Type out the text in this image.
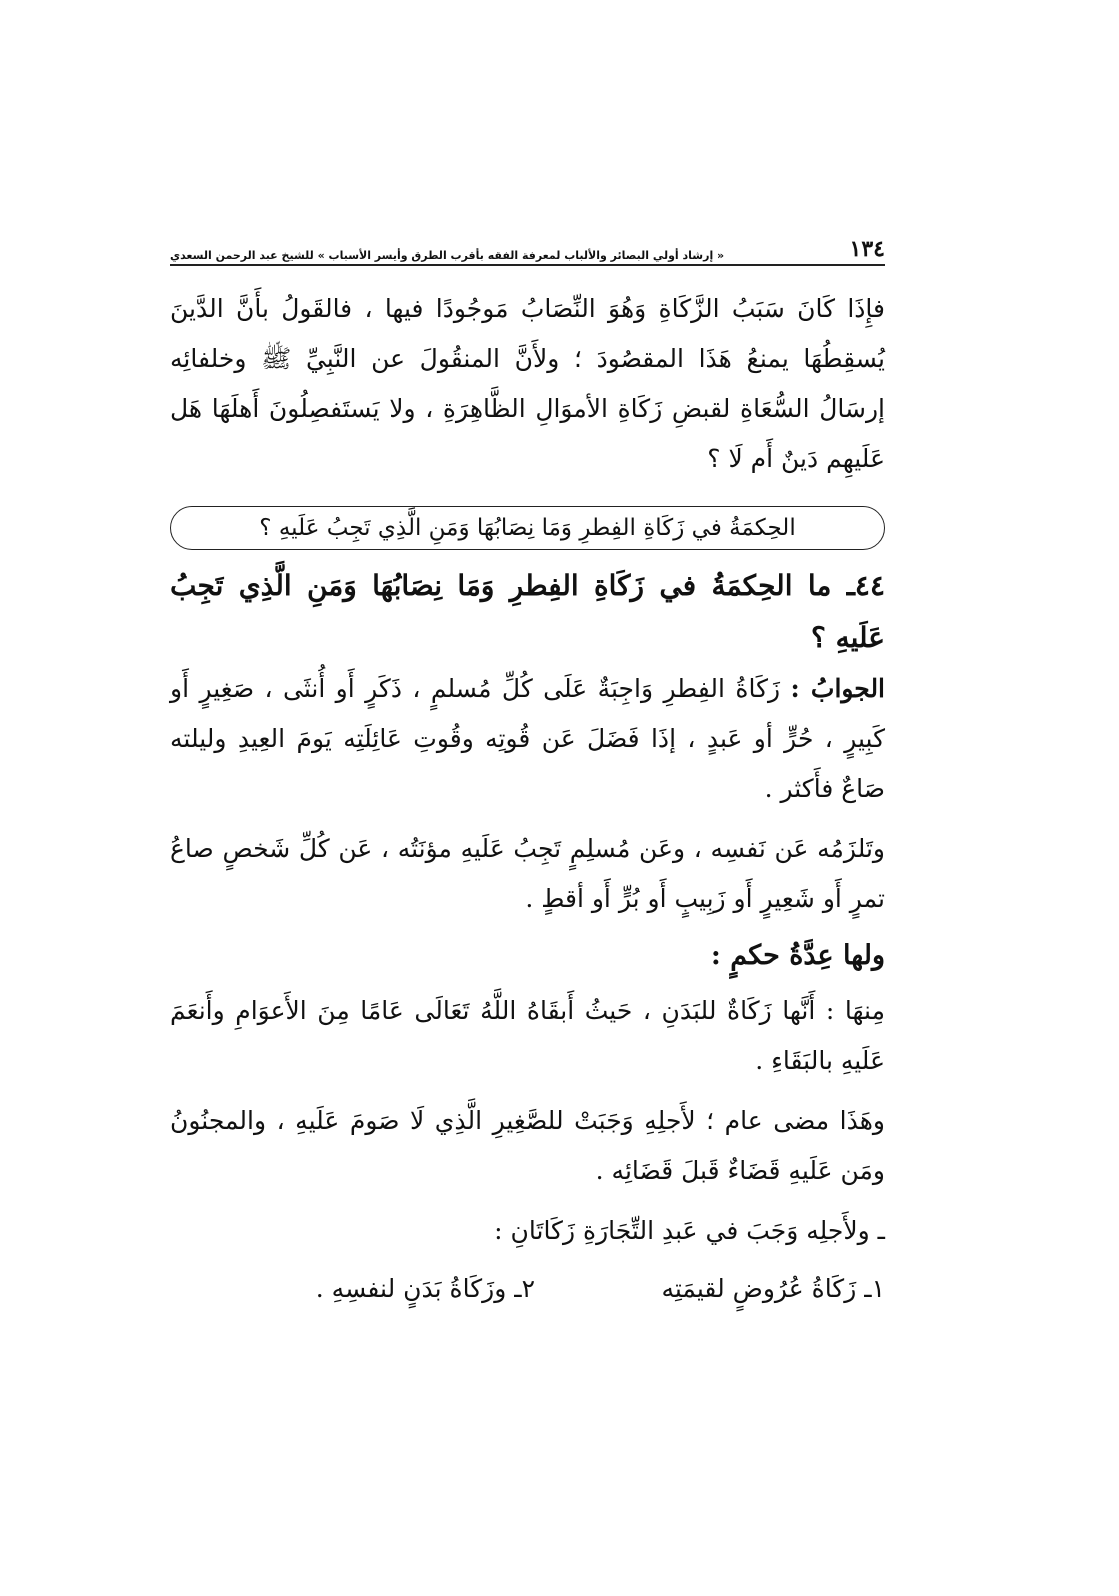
١٣٤
« إرشاد أولي البصائر والألباب لمعرفة الفقه بأقرب الطرق وأيسر الأسباب » للشيخ عبد الرحمن السعدي

فإِذَا كَانَ سَبَبُ الزَّكَاةِ وَهُوَ النِّصَابُ مَوجُودًا فيها ، فالقَولُ بأَنَّ الدَّينَ يُسقِطُهَا يمنعُ هَذَا المقصُودَ ؛ ولأَنَّ المنقُولَ عن النَّبِيِّ ﷺ وخلفائِه إرسَالُ السُّعَاةِ لقبضِ زَكَاةِ الأموَالِ الظَّاهِرَةِ ، ولا يَستَفصِلُونَ أَهلَهَا هَل عَلَيهِم دَينٌ أَم لَا ؟

الحِكمَةُ في زَكَاةِ الفِطرِ وَمَا نِصَابُهَا وَمَنِ الَّذِي تَجِبُ عَلَيهِ ؟

٤٤ـ ما الحِكمَةُ في زَكَاةِ الفِطرِ وَمَا نِصَابُهَا وَمَنِ الَّذِي تَجِبُ عَلَيهِ ؟

الجوابُ : زَكَاةُ الفِطرِ وَاجِبَةٌ عَلَى كُلِّ مُسلمٍ ، ذَكَرٍ أَو أُنثَى ، صَغِيرٍ أَو كَبِيرٍ ، حُرٍّ أو عَبدٍ ، إذَا فَضَلَ عَن قُوتِه وقُوتِ عَائِلَتِه يَومَ العِيدِ وليلته صَاعٌ فأَكثر .

وتَلزَمُه عَن نَفسِه ، وعَن مُسلِمٍ تَجِبُ عَلَيهِ مؤنَتُه ، عَن كُلِّ شَخصٍ صاعُ تمرٍ أَو شَعِيرٍ أَو زَبِيبٍ أَو بُرٍّ أَو أقطٍ .

ولها عِدَّةُ حكمٍ :

مِنهَا : أَنَّها زَكَاةٌ للبَدَنِ ، حَيثُ أَبقَاهُ اللَّهُ تَعَالَى عَامًا مِنَ الأَعوَامِ وأَنعَمَ عَلَيهِ بالبَقَاءِ .

وهَذَا مضى عام ؛ لأَجلِهِ وَجَبَتْ للصَّغِيرِ الَّذِي لَا صَومَ عَلَيهِ ، والمجنُونُ ومَن عَلَيهِ قَضَاءٌ قَبلَ قَضَائِه .

ـ ولأَجلِه وَجَبَ في عَبدِ التِّجَارَةِ زَكَاتَانِ :

١ـ زَكَاةُ عُرُوضٍ لقيمَتِه
٢ـ وزَكَاةُ بَدَنٍ لنفسِهِ .
